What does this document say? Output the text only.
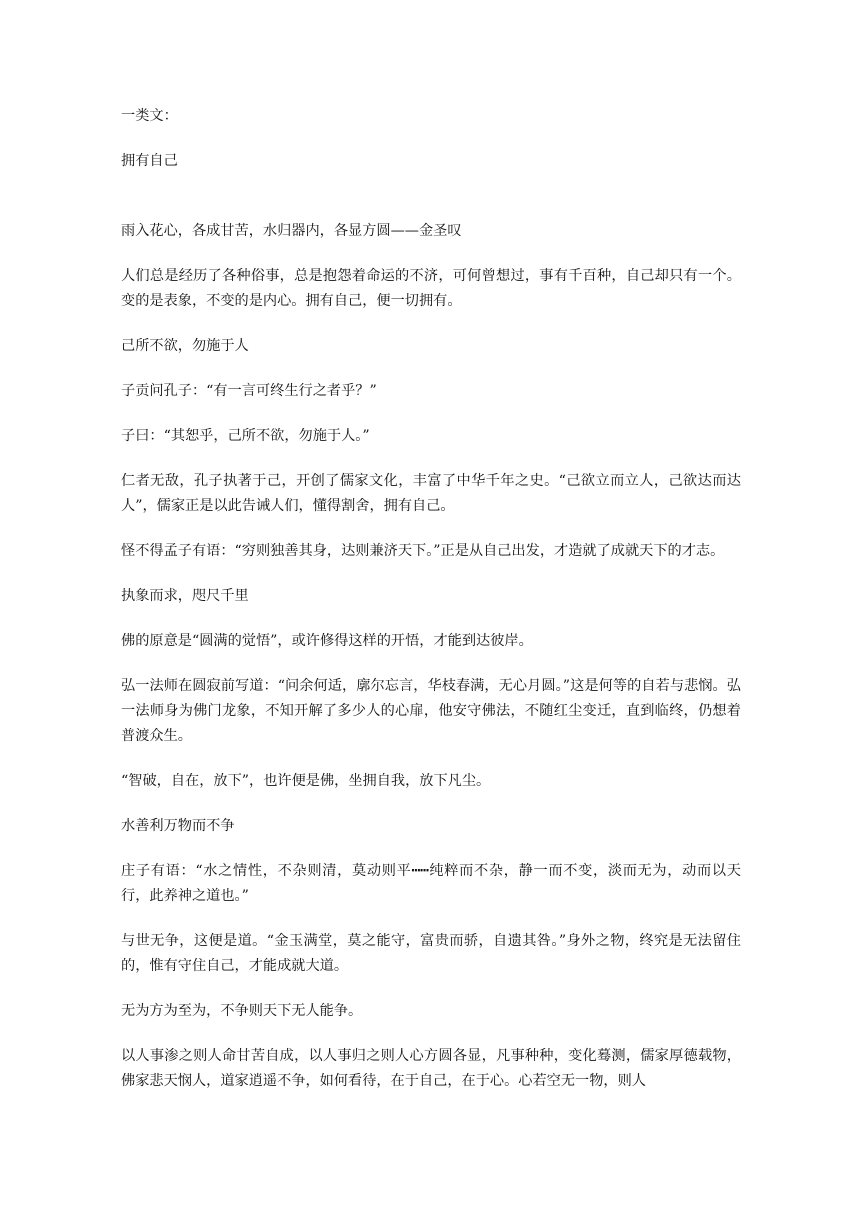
一类文：

拥有自己

雨入花心，各成甘苦，水归器内，各显方圆——金圣叹

人们总是经历了各种俗事，总是抱怨着命运的不济，可何曾想过，事有千百种，自己却只有一个。变的是表象，不变的是内心。拥有自己，便一切拥有。

己所不欲，勿施于人

子贡问孔子：“有一言可终生行之者乎？”

子曰：“其恕乎，己所不欲，勿施于人。”

仁者无敌，孔子执著于己，开创了儒家文化，丰富了中华千年之史。“己欲立而立人，己欲达而达人”，儒家正是以此告诫人们，懂得割舍，拥有自己。

怪不得孟子有语：“穷则独善其身，达则兼济天下。”正是从自己出发，才造就了成就天下的才志。

执象而求，咫尺千里

佛的原意是“圆满的觉悟”，或许修得这样的开悟，才能到达彼岸。

弘一法师在圆寂前写道：“问余何适，廓尔忘言，华枝春满，无心月圆。”这是何等的自若与悲悯。弘一法师身为佛门龙象，不知开解了多少人的心扉，他安守佛法，不随红尘变迁，直到临终，仍想着普渡众生。

“智破，自在，放下”，也许便是佛，坐拥自我，放下凡尘。

水善利万物而不争

庄子有语：“水之情性，不杂则清，莫动则平┅┅纯粹而不杂，静一而不变，淡而无为，动而以天行，此养神之道也。”

与世无争，这便是道。“金玉满堂，莫之能守，富贵而骄，自遗其咎。”身外之物，终究是无法留住的，惟有守住自己，才能成就大道。

无为方为至为，不争则天下无人能争。

以人事渗之则人命甘苦自成，以人事归之则人心方圆各显，凡事种种，变化蓦测，儒家厚德载物，佛家悲天悯人，道家逍遥不争，如何看待，在于自己，在于心。心若空无一物，则人
